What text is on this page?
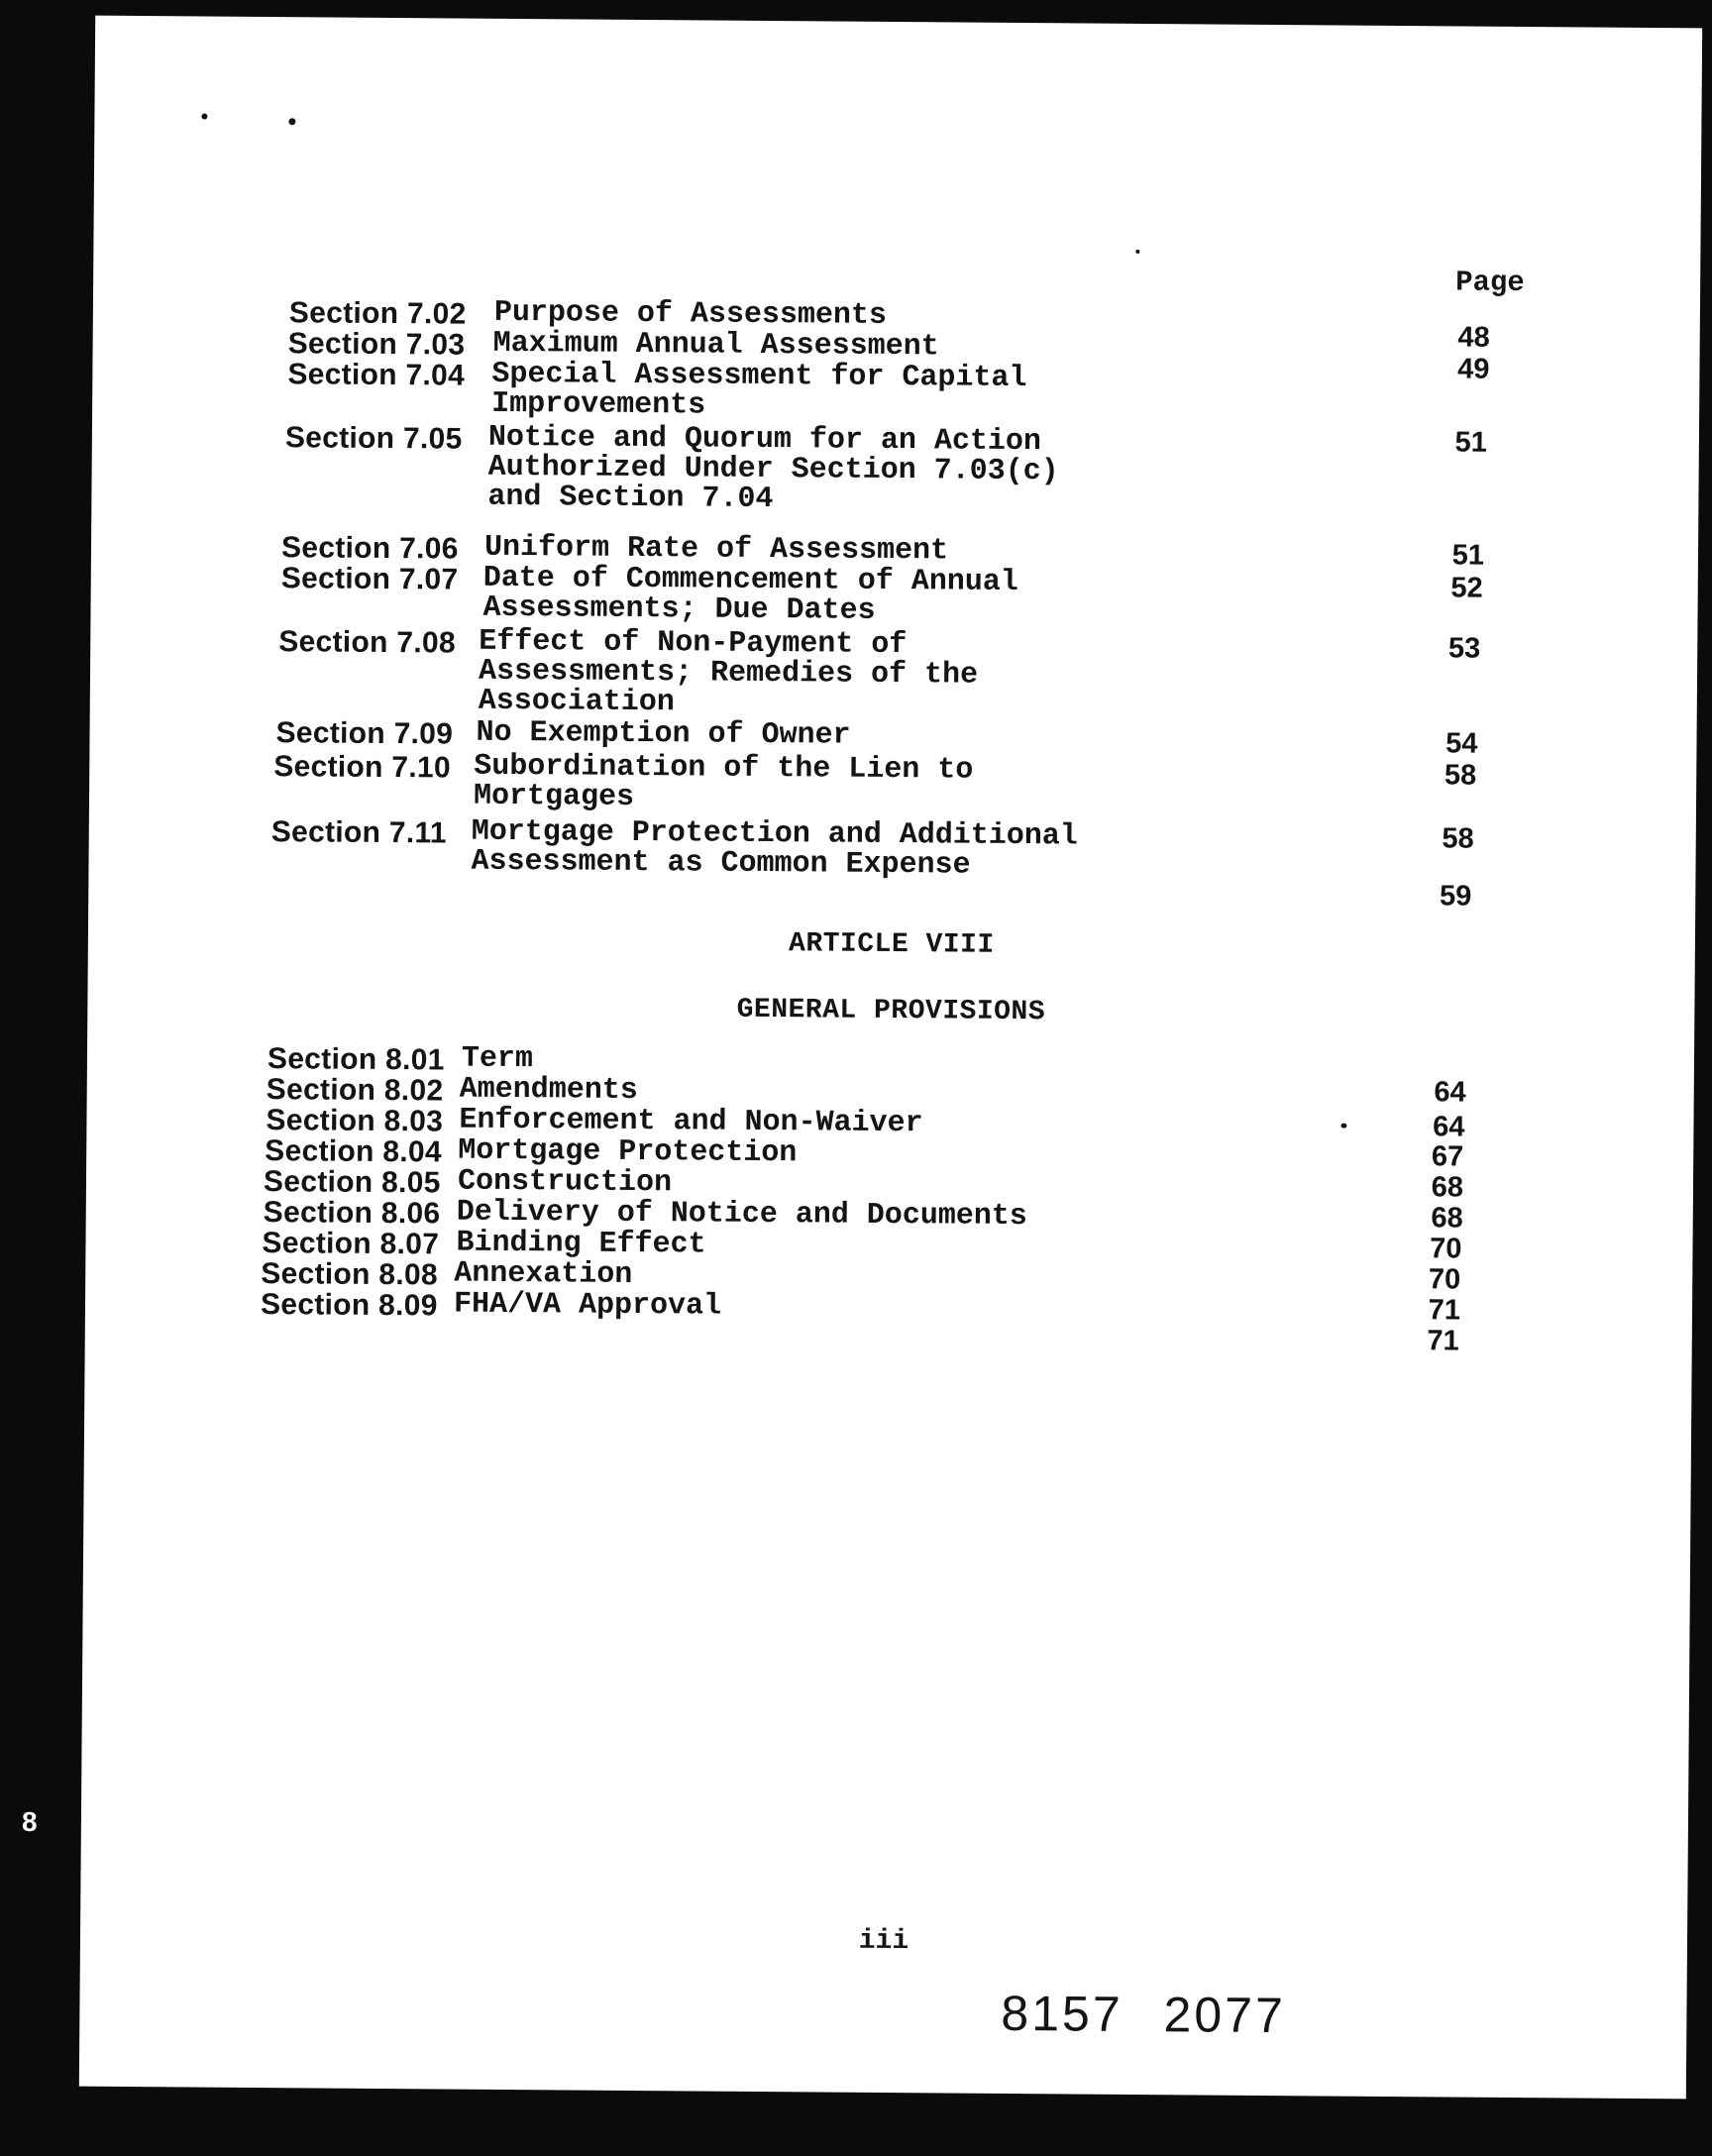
Page
Section 7.02 Purpose of Assessments
48
Section 7.03 Maximum Annual Assessment
49
Section 7.04 Special Assessment for Capital
Improvements
51
Section 7.05 Notice and Quorum for an Action
Authorized Under Section 7.03(c)
and Section 7.04
51
Section 7.06 Uniform Rate of Assessment
52
Section 7.07 Date of Commencement of Annual
Assessments; Due Dates
53
Section 7.08 Effect of Non-Payment of
Assessments; Remedies of the
Association
54
Section 7.09 No Exemption of Owner
58
Section 7.10 Subordination of the Lien to
Mortgages
58
Section 7.11 Mortgage Protection and Additional
Assessment as Common Expense
59
ARTICLE VIII
GENERAL PROVISIONS
Section 8.01 Term
64
Section 8.02 Amendments
64
Section 8.03 Enforcement and Non-Waiver
67
Section 8.04 Mortgage Protection
68
Section 8.05 Construction
68
Section 8.06 Delivery of Notice and Documents
70
Section 8.07 Binding Effect
70
Section 8.08 Annexation
71
Section 8.09 FHA/VA Approval
71
iii
8157 2077
8
